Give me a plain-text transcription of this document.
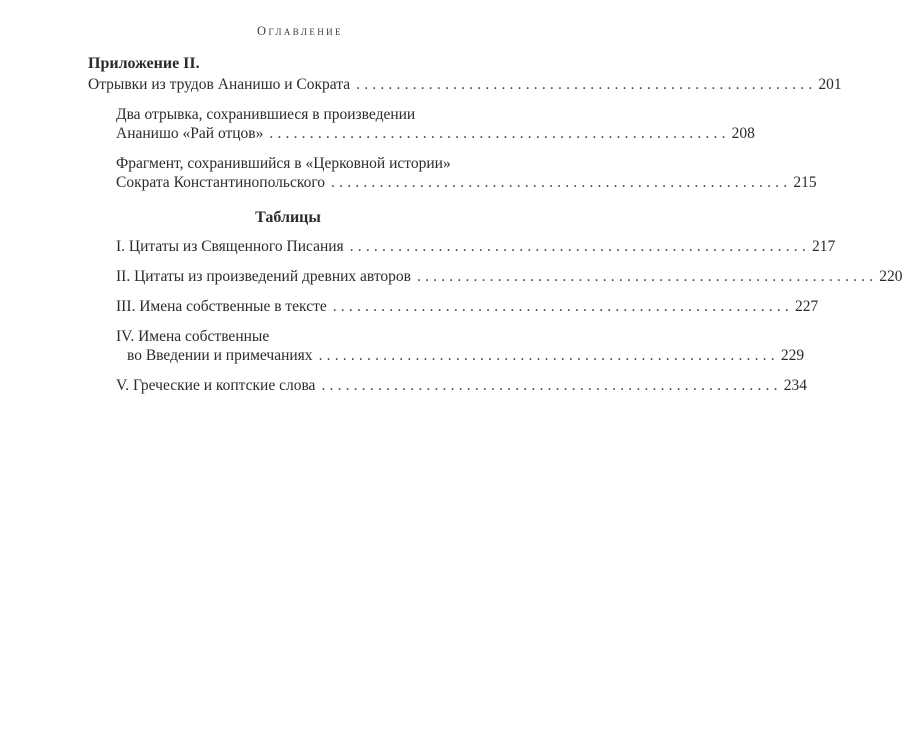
Оглавление
Приложение II.
Отрывки из трудов Ананишо и Сократа ......................................................... 201
Два отрывка, сохранившиеся в произведении
Ананишо «Рай отцов» ......................................................... 208
Фрагмент, сохранившийся в «Церковной истории»
Сократа Константинопольского ......................................................... 215
Таблицы
I. Цитаты из Священного Писания ......................................................... 217
II. Цитаты из произведений древних авторов ......................................................... 220
III. Имена собственные в тексте ......................................................... 227
IV. Имена собственные
во Введении и примечаниях ......................................................... 229
V. Греческие и коптские слова ......................................................... 234
